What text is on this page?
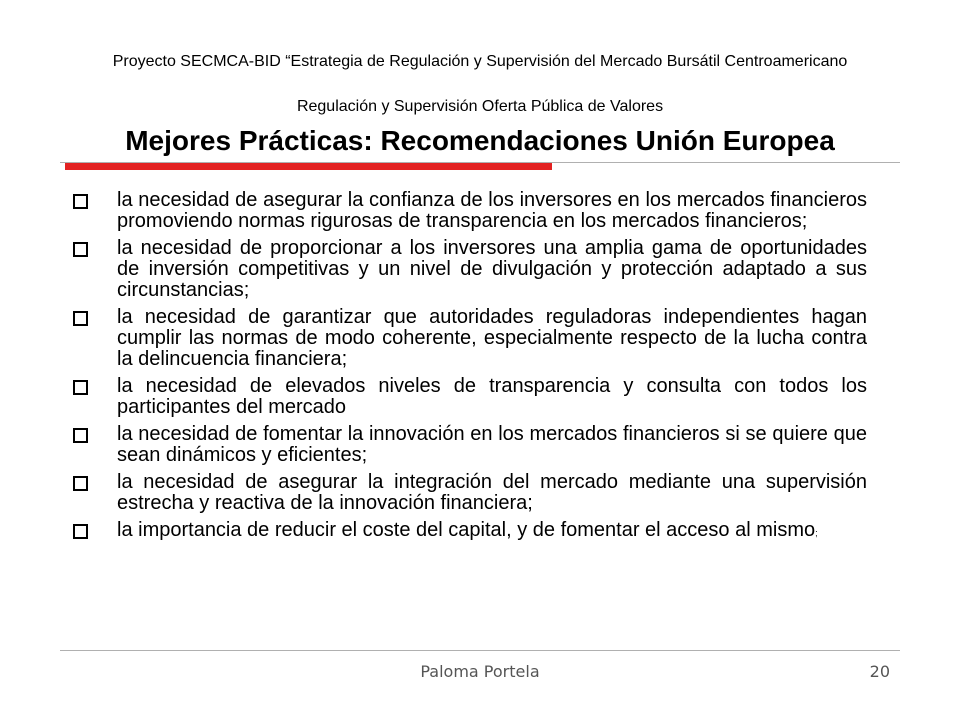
Proyecto SECMCA-BID “Estrategia de Regulación y Supervisión del Mercado Bursátil Centroamericano
Regulación y Supervisión Oferta Pública de Valores
Mejores Prácticas: Recomendaciones Unión Europea
la necesidad de asegurar la confianza de los inversores en los mercados financieros promoviendo normas rigurosas de transparencia en los mercados financieros;
la necesidad de proporcionar a los inversores una amplia gama de oportunidades de inversión competitivas y un nivel de divulgación y protección adaptado a sus circunstancias;
la necesidad de garantizar que autoridades reguladoras independientes hagan cumplir las normas de modo coherente, especialmente respecto de la lucha contra la delincuencia financiera;
la necesidad de elevados niveles de transparencia y consulta con todos los participantes del mercado
la necesidad de fomentar la innovación en los mercados financieros si se quiere que sean dinámicos y eficientes;
la necesidad de asegurar la integración del mercado mediante una supervisión estrecha y reactiva de la innovación financiera;
la importancia de reducir el coste del capital, y de fomentar el acceso al mismo;
Paloma Portela	20
